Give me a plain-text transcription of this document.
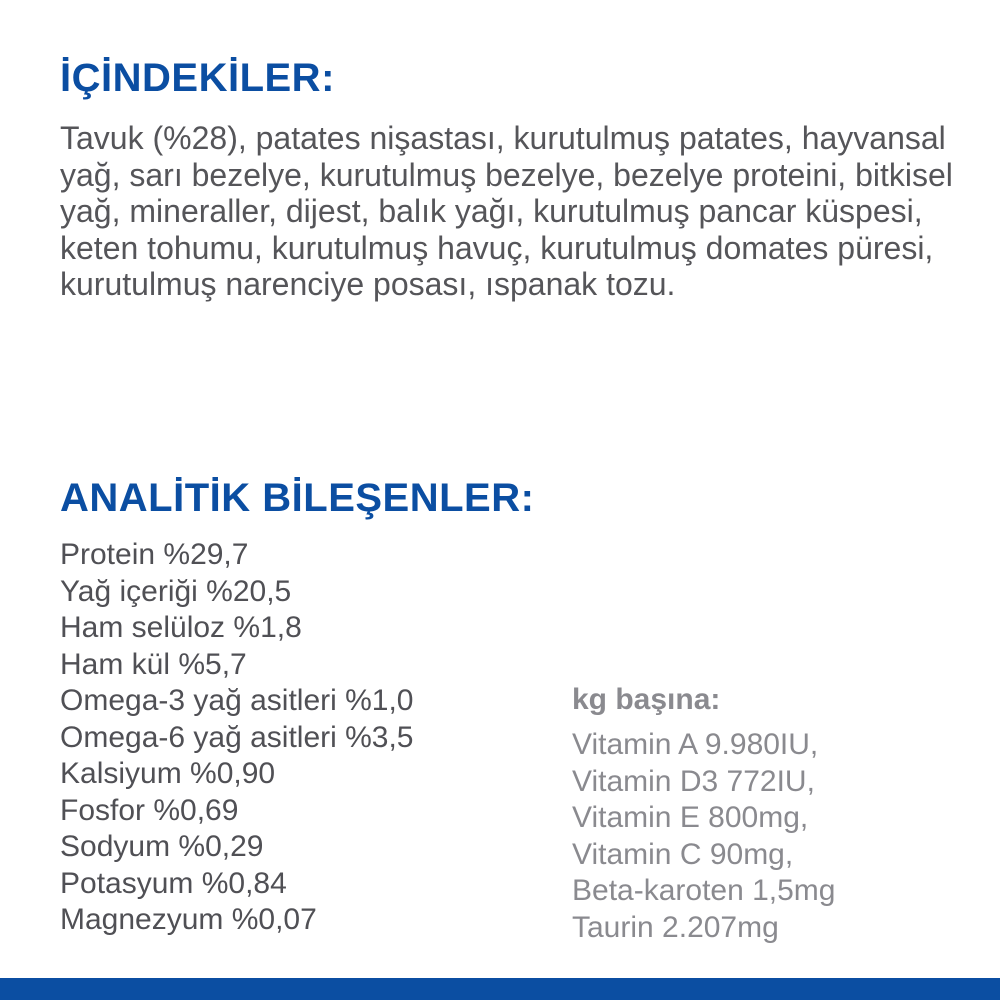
İÇİNDEKİLER:

Tavuk (%28), patates nişastası, kurutulmuş patates, hayvansal yağ, sarı bezelye, kurutulmuş bezelye, bezelye proteini, bitkisel yağ, mineraller, dijest, balık yağı, kurutulmuş pancar küspesi, keten tohumu, kurutulmuş havuç, kurutulmuş domates püresi, kurutulmuş narenciye posası, ıspanak tozu.

ANALİTİK BİLEŞENLER:
Protein %29,7
Yağ içeriği %20,5
Ham selüloz %1,8
Ham kül %5,7
Omega-3 yağ asitleri %1,0
Omega-6 yağ asitleri %3,5
Kalsiyum %0,90
Fosfor %0,69
Sodyum %0,29
Potasyum %0,84
Magnezyum %0,07
kg başına:
Vitamin A 9.980IU,
Vitamin D3 772IU,
Vitamin E 800mg,
Vitamin C 90mg,
Beta-karoten 1,5mg
Taurin 2.207mg
